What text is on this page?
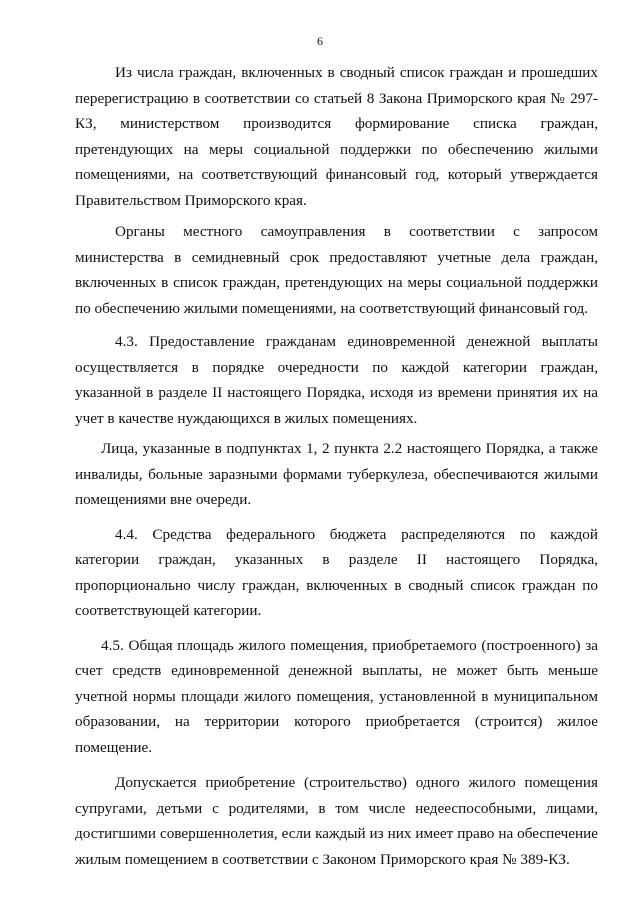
6

Из числа граждан, включенных в сводный список граждан и прошедших перерегистрацию в соответствии со статьей 8 Закона Приморского края № 297-КЗ, министерством производится формирование списка граждан, претендующих на меры социальной поддержки по обеспечению жилыми помещениями, на соответствующий финансовый год, который утверждается Правительством Приморского края.

Органы местного самоуправления в соответствии с запросом министерства в семидневный срок предоставляют учетные дела граждан, включенных в список граждан, претендующих на меры социальной поддержки по обеспечению жилыми помещениями, на соответствующий финансовый год.

4.3. Предоставление гражданам единовременной денежной выплаты осуществляется в порядке очередности по каждой категории граждан, указанной в разделе II настоящего Порядка, исходя из времени принятия их на учет в качестве нуждающихся в жилых помещениях.

Лица, указанные в подпунктах 1, 2 пункта 2.2 настоящего Порядка, а также инвалиды, больные заразными формами туберкулеза, обеспечиваются жилыми помещениями вне очереди.

4.4. Средства федерального бюджета распределяются по каждой категории граждан, указанных в разделе II настоящего Порядка, пропорционально числу граждан, включенных в сводный список граждан по соответствующей категории.

4.5. Общая площадь жилого помещения, приобретаемого (построенного) за счет средств единовременной денежной выплаты, не может быть меньше учетной нормы площади жилого помещения, установленной в муниципальном образовании, на территории которого приобретается (строится) жилое помещение.

Допускается приобретение (строительство) одного жилого помещения супругами, детьми с родителями, в том числе недееспособными, лицами, достигшими совершеннолетия, если каждый из них имеет право на обеспечение жилым помещением в соответствии с Законом Приморского края № 389-КЗ.
